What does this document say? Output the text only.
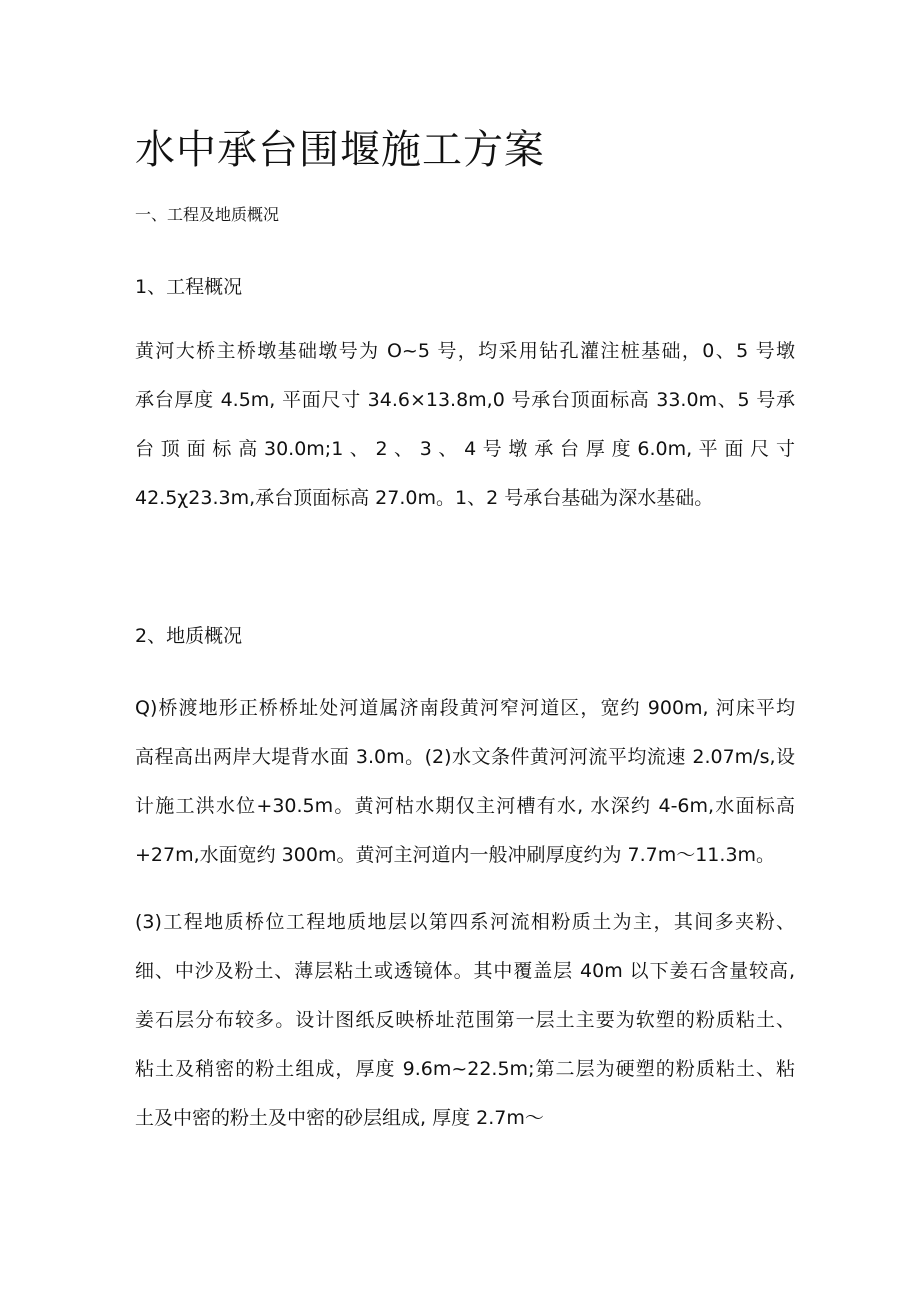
水中承台围堰施工方案
一、工程及地质概况
1、工程概况
黄河大桥主桥墩基础墩号为 O~5 号，均采用钻孔灌注桩基础，0、5 号墩
承台厚度 4.5m, 平面尺寸 34.6×13.8m,0 号承台顶面标高 33.0m、5 号承
台 顶 面 标 高 30.0m;1 、 2 、 3 、 4 号 墩 承 台 厚 度 6.0m, 平 面 尺 寸
42.5χ23.3m,承台顶面标高 27.0m。1、2 号承台基础为深水基础。
2、地质概况
Q)桥渡地形正桥桥址处河道属济南段黄河窄河道区，宽约 900m, 河床平均
高程高出两岸大堤背水面 3.0m。(2)水文条件黄河河流平均流速 2.07m∕s,设
计施工洪水位+30.5m。黄河枯水期仅主河槽有水, 水深约 4-6m,水面标高
+27m,水面宽约 300m。黄河主河道内一般冲刷厚度约为 7.7m～11.3m。
(3)工程地质桥位工程地质地层以第四系河流相粉质土为主，其间多夹粉、
细、中沙及粉土、薄层粘土或透镜体。其中覆盖层 40m 以下姜石含量较高,
姜石层分布较多。设计图纸反映桥址范围第一层土主要为软塑的粉质粘土、
粘土及稍密的粉土组成，厚度 9.6m~22.5m;第二层为硬塑的粉质粘土、粘
土及中密的粉土及中密的砂层组成, 厚度 2.7m～
